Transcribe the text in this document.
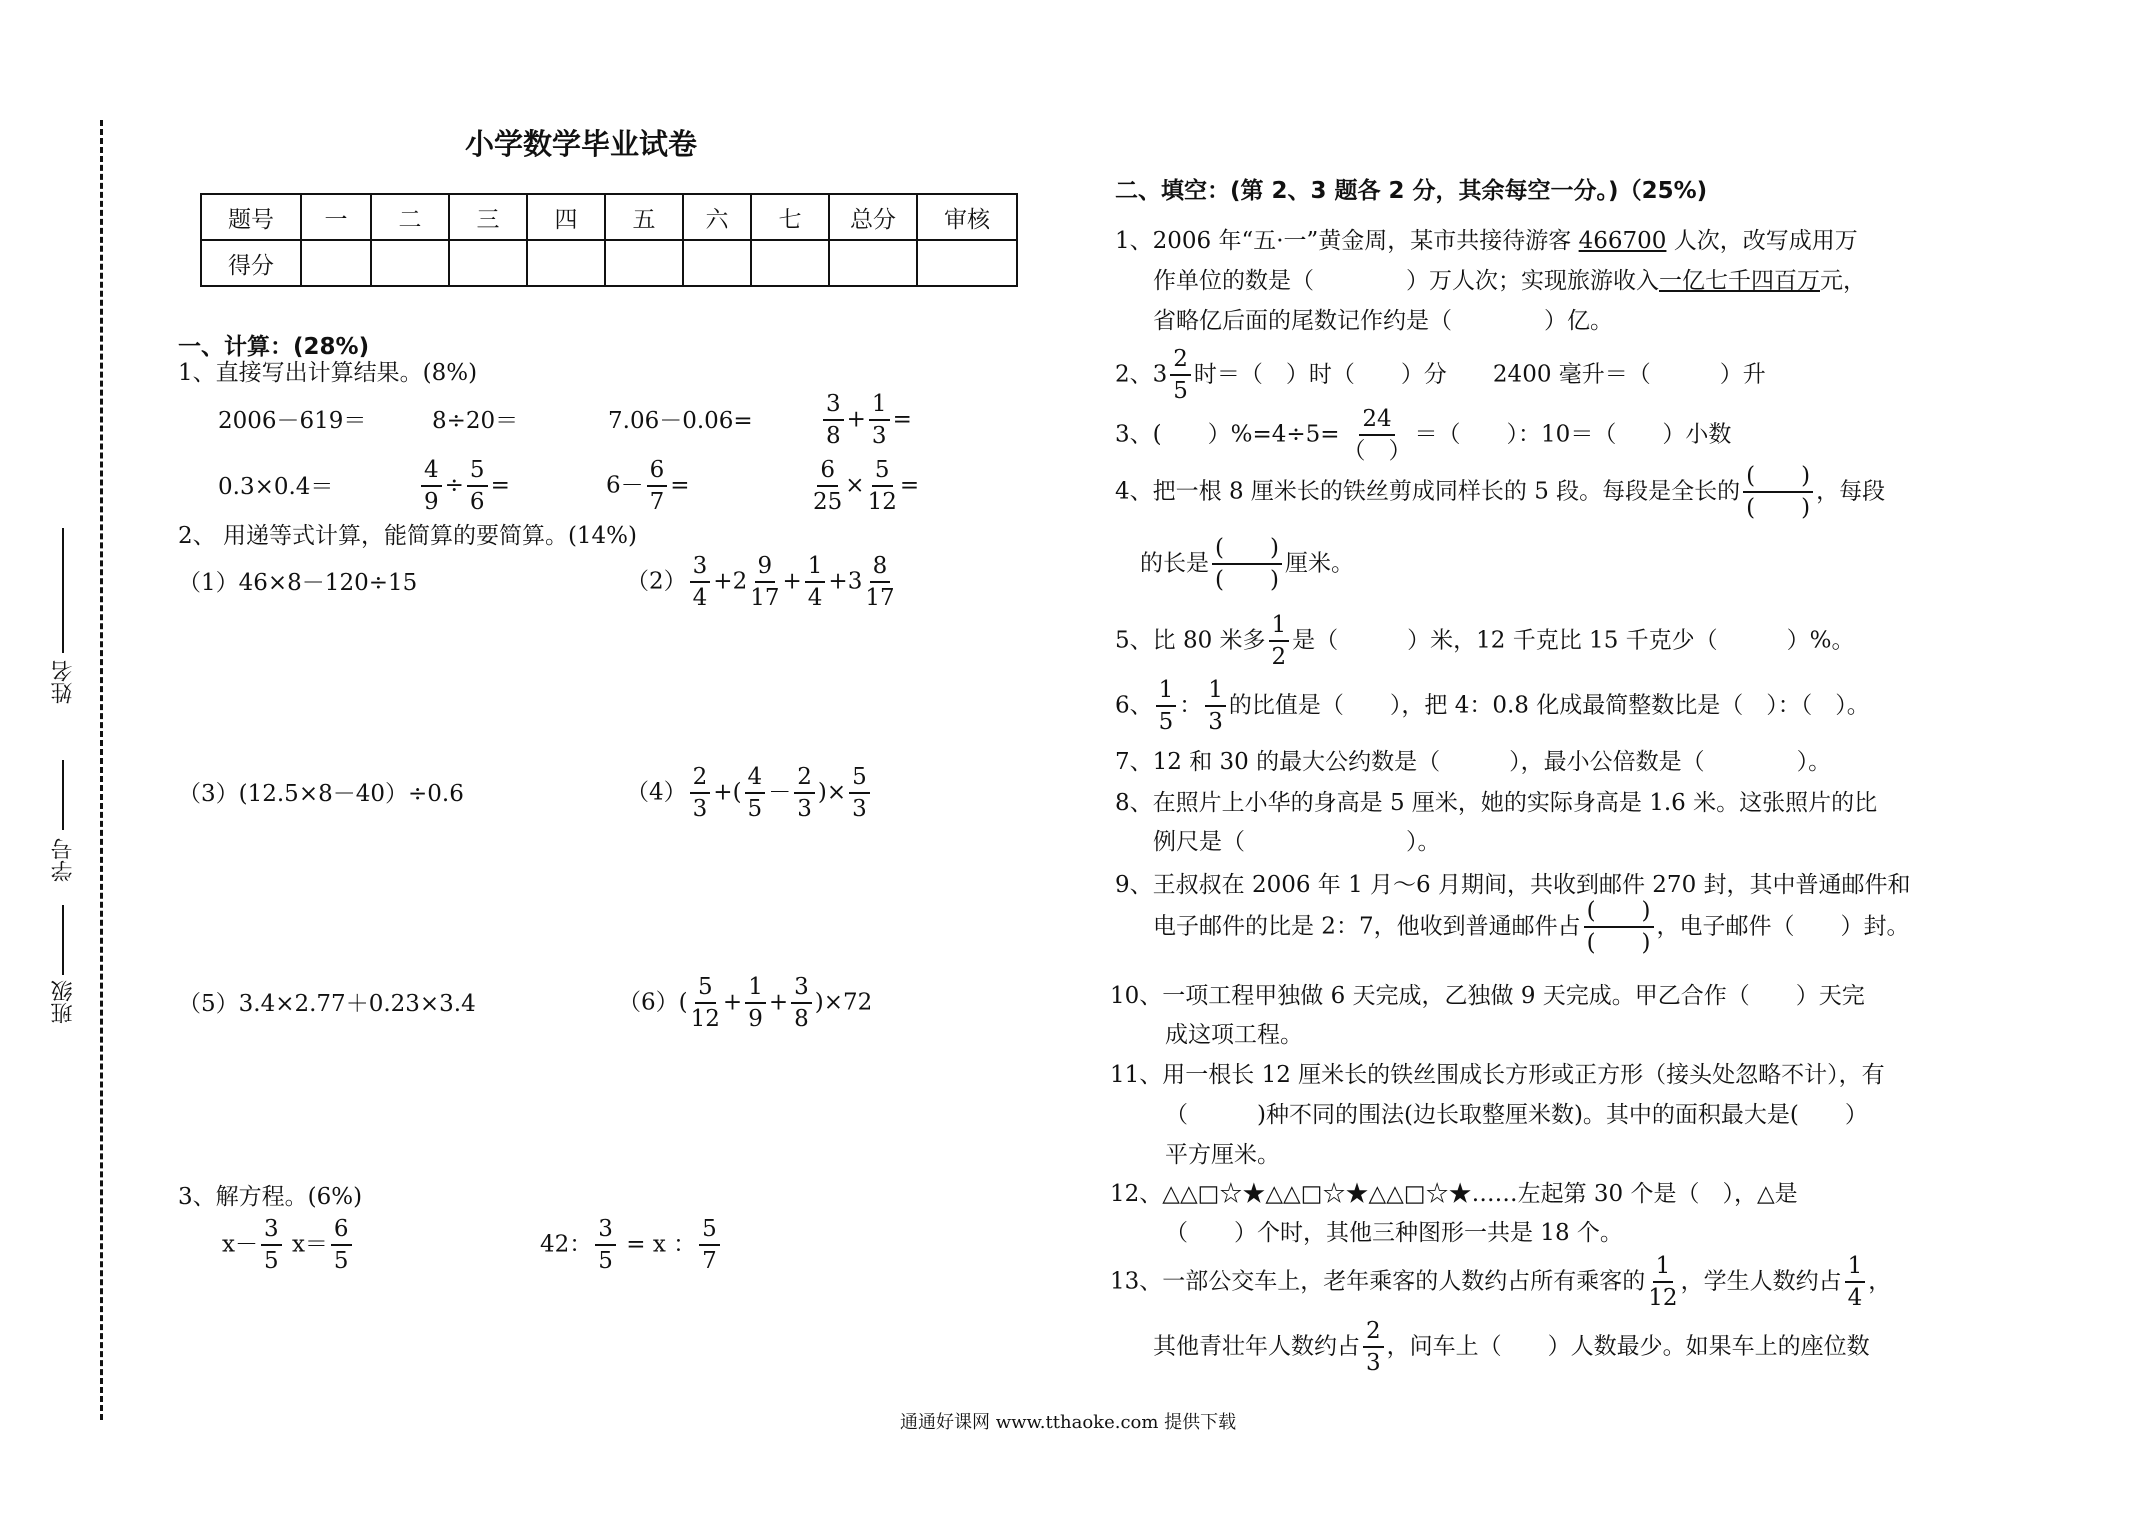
姓名
学号
班级
小学数学毕业试卷
题号	一	二	三	四	五	六	七	总分	审核
得分									
一、计算：(28%)
1、直接写出计算结果。(8%)
2006－619＝	8÷20＝	7.06－0.06=	$\frac{3}{8} + \frac{1}{3}$ =
0.3×0.4＝	$\frac{4}{9} \div \frac{5}{6}$ =	$6- \frac{6}{7}$ =	$\frac{6}{25} \times \frac{5}{12}$ =
2、 用递等式计算，能简算的要简算。(14%)
（1）46×8－120÷15	$(2) \frac{3}{4} +2 \frac{9}{17} + \frac{1}{4} +3 \frac{8}{17}$
（3）(12.5×8－40）÷0.6	$(4) \frac{2}{3}$ +( $\frac{4}{5} - \frac{2}{3}$ )× $\frac{5}{3}$
（5）3.4×2.77＋0.23×3.4	$(6)( \frac{5}{12} + \frac{1}{9} + \frac{3}{8} )\times 72$
3、解方程。(6%)
$x- \frac{3}{5} x= \frac{6}{5}$	42： $\frac{3}{5} = x$ ： $\frac{5}{7}$
二、填空：(第 2、3 题各 2 分，其余每空一分。)（25%)
1、2006 年“五·一”黄金周，某市共接待游客 466700 人次，改写成用万
作单位的数是（　　　　）万人次；实现旅游收入一亿七千四百万元，
省略亿后面的尾数记作约是（　　　　）亿。
2、$3 \frac{2}{5}$ 时＝（　）时（　　）分　　2400 毫升＝（　　　）升
3、(　　）$\%=4\div 5= \frac{24}{( )}$ ＝（　　）：10＝（　　）小数
4、把一根 8 厘米长的铁丝剪成同样长的 5 段。每段是全长的 $\frac{( )}{( )}$ ，每段
的长是 $\frac{( )}{( )}$ 厘米。
5、比 80 米多 $\frac{1}{2}$ 是（　　　）米，12 千克比 15 千克少（　　　）%。
6、 $\frac{1}{5}$ ： $\frac{1}{3}$ 的比值是（　　），把 4：0.8 化成最简整数比是（　）：（　）。
7、12 和 30 的最大公约数是（　　　），最小公倍数是（　　　　）。
8、在照片上小华的身高是 5 厘米，她的实际身高是 1.6 米。这张照片的比
例尺是（　　　　　　　）。
9、王叔叔在 2006 年 1 月～6 月期间，共收到邮件 270 封，其中普通邮件和
电子邮件的比是 2：7，他收到普通邮件占 $\frac{( )}{( )}$ ，电子邮件（　　）封。
10、一项工程甲独做 6 天完成，乙独做 9 天完成。甲乙合作（　　）天完
成这项工程。
11、用一根长 12 厘米长的铁丝围成长方形或正方形（接头处忽略不计），有
（　　　)种不同的围法(边长取整厘米数)。其中的面积最大是(　　）
平方厘米。
12、△△□☆★△△□☆★△△□☆★……左起第 30 个是（　），△是
（　　）个时，其他三种图形一共是 18 个。
13、一部公交车上，老年乘客的人数约占所有乘客的 $\frac{1}{12}$ ，学生人数约占 $\frac{1}{4}$ ，
其他青壮年人数约占 $\frac{2}{3}$ ，问车上（　　）人数最少。如果车上的座位数
通通好课网 www.tthaoke.com 提供下载
